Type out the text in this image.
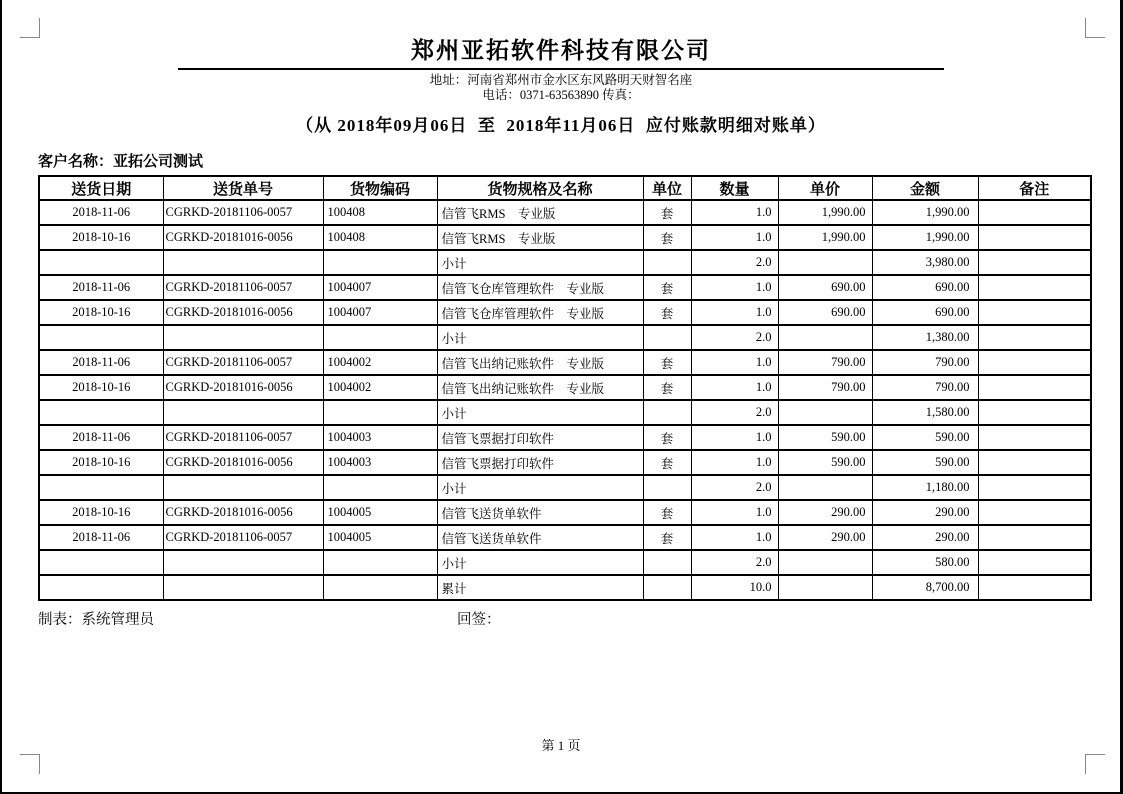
郑州亚拓软件科技有限公司
地址：河南省郑州市金水区东风路明天财智名座
电话：0371-63563890 传真：
（从 2018年09月06日  至  2018年11月06日  应付账款明细对账单）
客户名称：亚拓公司测试
送货日期	送货单号	货物编码	货物规格及名称	单位	数量	单价	金额	备注
2018-11-06	CGRKD-20181106-0057	100408	信管飞RMS　专业版	套	1.0	1,990.00	1,990.00	
2018-10-16	CGRKD-20181016-0056	100408	信管飞RMS　专业版	套	1.0	1,990.00	1,990.00	
			小计		2.0		3,980.00	
2018-11-06	CGRKD-20181106-0057	1004007	信管飞仓库管理软件　专业版	套	1.0	690.00	690.00	
2018-10-16	CGRKD-20181016-0056	1004007	信管飞仓库管理软件　专业版	套	1.0	690.00	690.00	
			小计		2.0		1,380.00	
2018-11-06	CGRKD-20181106-0057	1004002	信管飞出纳记账软件　专业版	套	1.0	790.00	790.00	
2018-10-16	CGRKD-20181016-0056	1004002	信管飞出纳记账软件　专业版	套	1.0	790.00	790.00	
			小计		2.0		1,580.00	
2018-11-06	CGRKD-20181106-0057	1004003	信管飞票据打印软件	套	1.0	590.00	590.00	
2018-10-16	CGRKD-20181016-0056	1004003	信管飞票据打印软件	套	1.0	590.00	590.00	
			小计		2.0		1,180.00	
2018-10-16	CGRKD-20181016-0056	1004005	信管飞送货单软件	套	1.0	290.00	290.00	
2018-11-06	CGRKD-20181106-0057	1004005	信管飞送货单软件	套	1.0	290.00	290.00	
			小计		2.0		580.00	
			累计		10.0		8,700.00	
制表：系统管理员	回签：
第 1 页
